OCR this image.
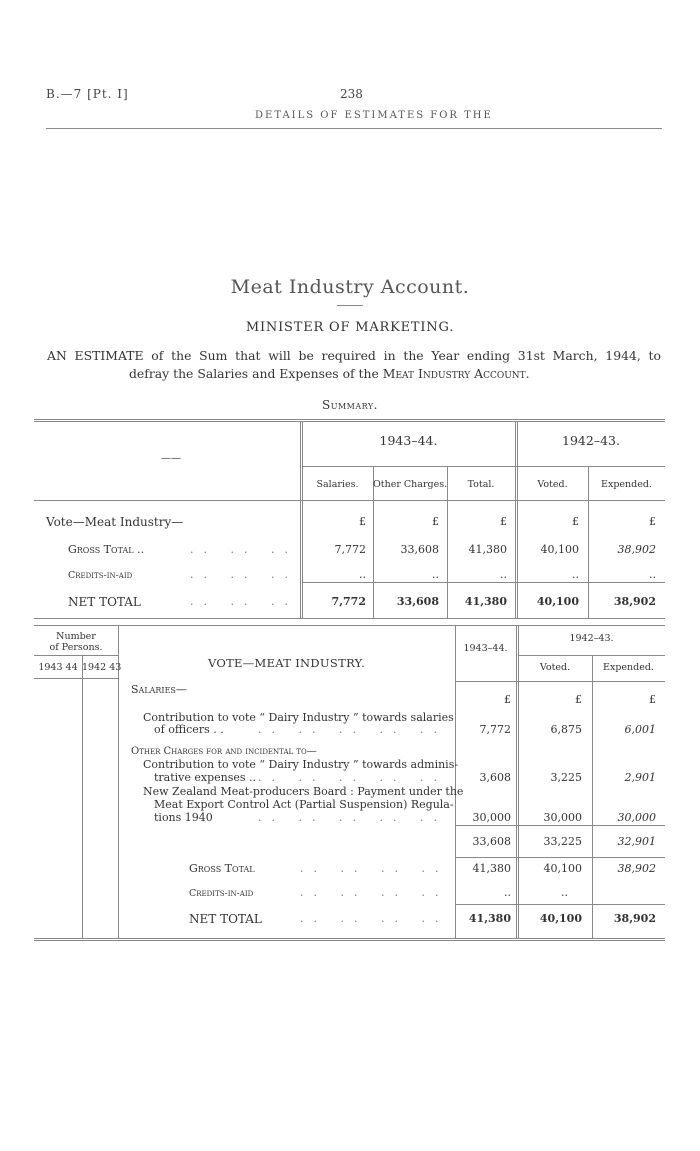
B.—7 [Pt. I]	238
DETAILS OF ESTIMATES FOR THE
Meat Industry Account.
MINISTER OF MARKETING.
AN ESTIMATE of the Sum that will be required in the Year ending 31st March, 1944, to
defray the Salaries and Expenses of the Meat Industry Account.
Summary.
——
1943–44.	1942–43.
Salaries.	Other Charges.	Total.	Voted.	Expended.
Vote—Meat Industry—	£	£	£	£	£
Gross Total ..	.. .. ..	7,772	33,608	41,380	40,100	38,902
Credits-in-aid	.. .. ..	..	..	..	..	..
NET TOTAL	.. .. ..	7,772	33,608	41,380	40,100	38,902
Number
of Persons.
1943 44 1942 43	VOTE—MEAT INDUSTRY.
1943–44.
1942–43.
Voted.	Expended.
Salaries—
£	£	£
Contribution to vote “ Dairy Industry ” towards salaries
of officers . .	.. .. .. .. ..	7,772	6,875	6,001
Other Charges for and incidental to—
Contribution to vote “ Dairy Industry ” towards adminis-
trative expenses .. .. .. .. .. ..	3,608	3,225	2,901
New Zealand Meat-producers Board : Payment under the
Meat Export Control Act (Partial Suspension) Regula-
tions 1940	.. .. .. .. ..	30,000	30,000	30,000
33,608	33,225	32,901
Gross Total	.. .. .. ..	41,380	40,100	38,902
Credits-in-aid	.. .. .. ..	..	..
NET TOTAL	.. .. .. ..	41,380	40,100	38,902
